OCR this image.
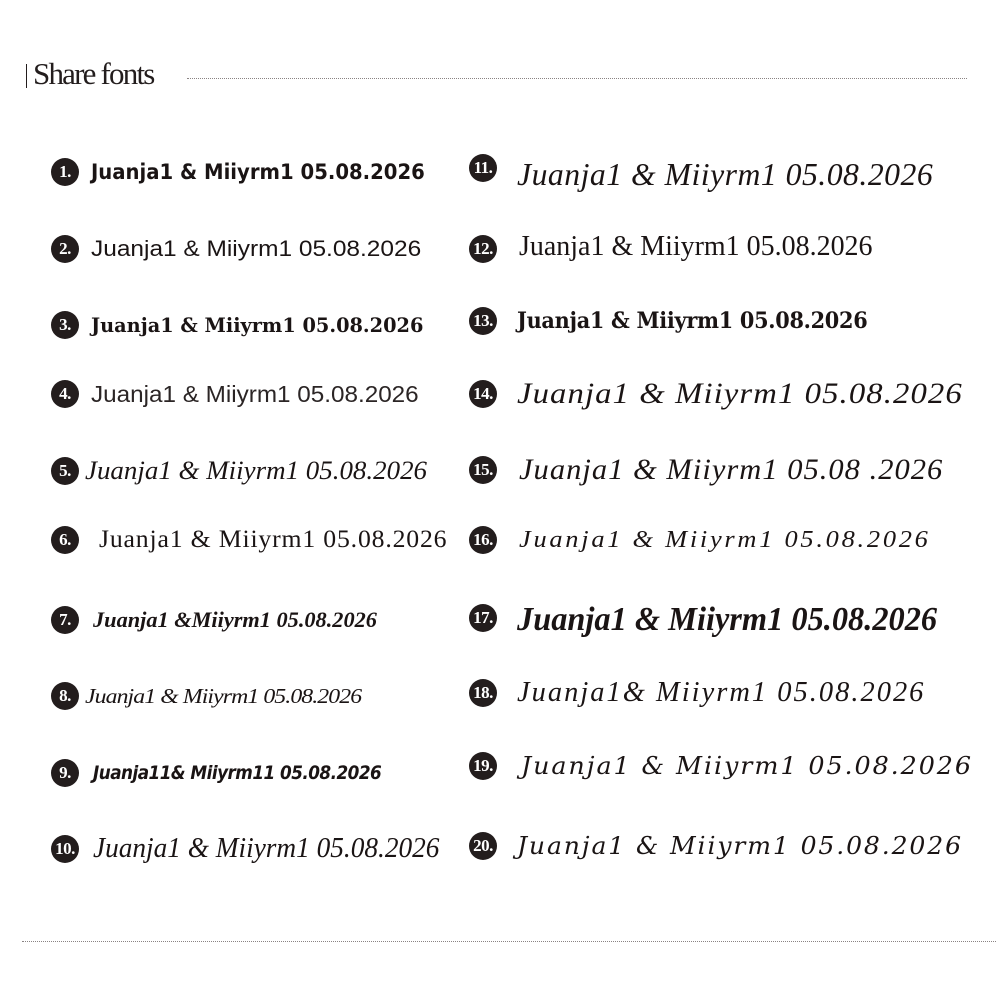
Share fonts
1. Juanja1 & Miiyrm1 05.08.2026
2. Juanja1 & Miiyrm1 05.08.2026
3.	Juanja1 & Miiyrm1 05.08.2026
4. Juanja1 & Miiyrm1 05.08.2026
5. Juanja1 & Miiyrm1 05.08.2026
6.	Juanja1 & Miiyrm1 05.08.2026
7.	Juanja1 &Miiyrm1 05.08.2026
8. Juanja1 & Miiyrm1 05.08.2026
9.	Juanja11& Miiyrm11 05.08.2026
10. Juanja1 & Miiyrm1 05.08.2026
11. Juanja1 & Miiyrm1 05.08.2026
12. Juanja1 & Miiyrm1 05.08.2026
13. Juanja1 & Miiyrm1 05.08.2026
14. Juanja1 & Miiyrm1 05.08.2026
15. Juanja1 & Miiyrm1 05.08 .2026
16. Juanja1 & Miiyrm1 05.08.2026
17. Juanja1 & Miiyrm1 05.08.2026
18. Juanja1& Miiyrm1 05.08.2026
19. Juanja1 & Miiyrm1 05.08.2026
20. Juanja1 & Miiyrm1 05.08.2026
